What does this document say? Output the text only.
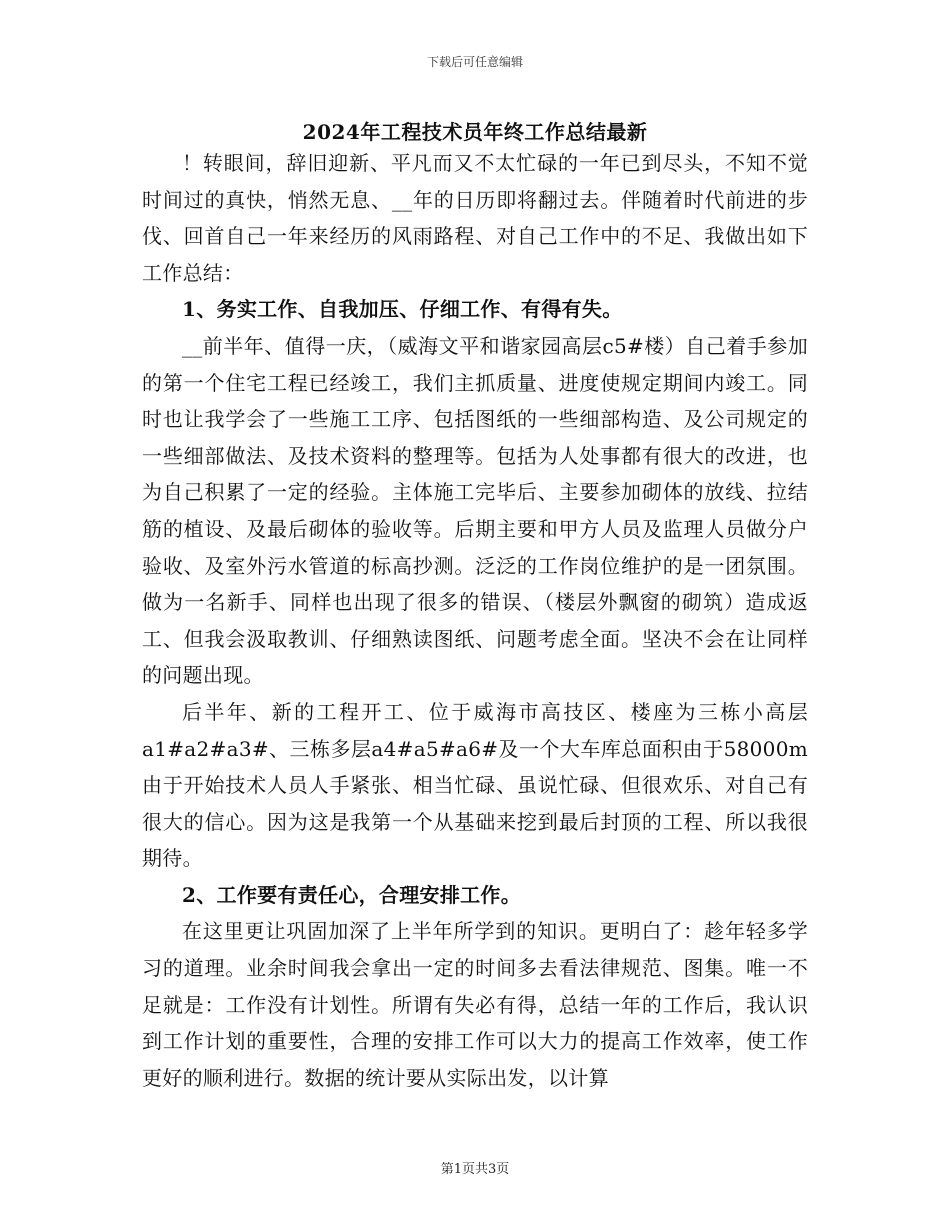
下载后可任意编辑
2024年工程技术员年终工作总结最新

！转眼间，辞旧迎新、平凡而又不太忙碌的一年已到尽头，不知不觉时间过的真快，悄然无息、__年的日历即将翻过去。伴随着时代前进的步伐、回首自己一年来经历的风雨路程、对自己工作中的不足、我做出如下工作总结：

1、务实工作、自我加压、仔细工作、有得有失。

__前半年、值得一庆，（威海文平和谐家园高层c5#楼）自己着手参加的第一个住宅工程已经竣工，我们主抓质量、进度使规定期间内竣工。同时也让我学会了一些施工工序、包括图纸的一些细部构造、及公司规定的一些细部做法、及技术资料的整理等。包括为人处事都有很大的改进，也为自己积累了一定的经验。主体施工完毕后、主要参加砌体的放线、拉结筋的植设、及最后砌体的验收等。后期主要和甲方人员及监理人员做分户验收、及室外污水管道的标高抄测。泛泛的工作岗位维护的是一团氛围。做为一名新手、同样也出现了很多的错误、（楼层外飘窗的砌筑）造成返工、但我会汲取教训、仔细熟读图纸、问题考虑全面。坚决不会在让同样的问题出现。

后半年、新的工程开工、位于威海市高技区、楼座为三栋小高层a1#a2#a3#、三栋多层a4#a5#a6#及一个大车库总面积由于58000m由于开始技术人员人手紧张、相当忙碌、虽说忙碌、但很欢乐、对自己有很大的信心。因为这是我第一个从基础来挖到最后封顶的工程、所以我很期待。

2、工作要有责任心，合理安排工作。

在这里更让巩固加深了上半年所学到的知识。更明白了：趁年轻多学习的道理。业余时间我会拿出一定的时间多去看法律规范、图集。唯一不足就是：工作没有计划性。所谓有失必有得，总结一年的工作后，我认识到工作计划的重要性，合理的安排工作可以大力的提高工作效率，使工作更好的顺利进行。数据的统计要从实际出发，以计算

第1页共3页
